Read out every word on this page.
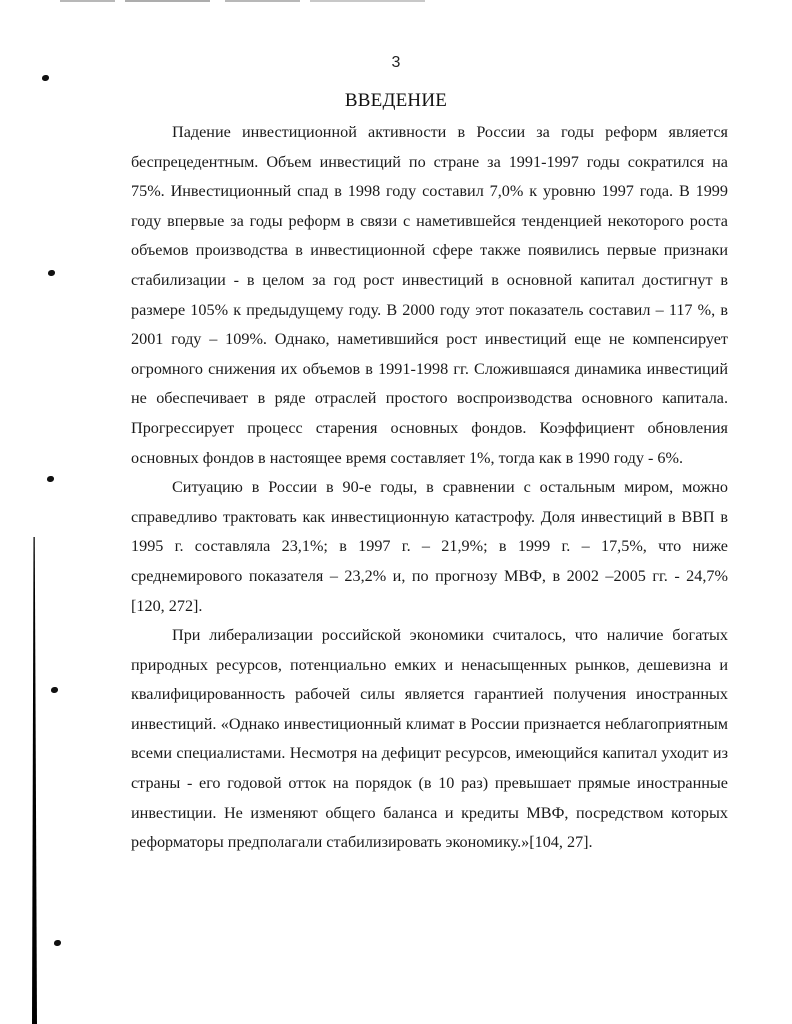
3
ВВЕДЕНИЕ

Падение инвестиционной активности в России за годы реформ является беспрецедентным. Объем инвестиций по стране за 1991-1997 годы сократился на 75%. Инвестиционный спад в 1998 году составил 7,0% к уровню 1997 года. В 1999 году впервые за годы реформ в связи с наметившейся тенденцией некоторого роста объемов производства в инвестиционной сфере также появились первые признаки стабилизации - в целом за год рост инвестиций в основной капитал достигнут в размере 105% к предыдущему году. В 2000 году этот показатель составил – 117 %, в 2001 году – 109%. Однако, наметившийся рост инвестиций еще не компенсирует огромного снижения их объемов в 1991-1998 гг. Сложившаяся динамика инвестиций не обеспечивает в ряде отраслей простого воспроизводства основного капитала. Прогрессирует процесс старения основных фондов. Коэффициент обновления основных фондов в настоящее время составляет 1%, тогда как в 1990 году - 6%.

Ситуацию в России в 90-е годы, в сравнении с остальным миром, можно справедливо трактовать как инвестиционную катастрофу. Доля инвестиций в ВВП в 1995 г. составляла 23,1%; в 1997 г. – 21,9%; в 1999 г. – 17,5%, что ниже среднемирового показателя – 23,2% и, по прогнозу МВФ, в 2002 –2005 гг. - 24,7% [120, 272].

При либерализации российской экономики считалось, что наличие богатых природных ресурсов, потенциально емких и ненасыщенных рынков, дешевизна и квалифицированность рабочей силы является гарантией получения иностранных инвестиций. «Однако инвестиционный климат в России признается неблагоприятным всеми специалистами. Несмотря на дефицит ресурсов, имеющийся капитал уходит из страны - его годовой отток на порядок (в 10 раз) превышает прямые иностранные инвестиции. Не изменяют общего баланса и кредиты МВФ, посредством которых реформаторы предполагали стабилизировать экономику.»[104, 27].
